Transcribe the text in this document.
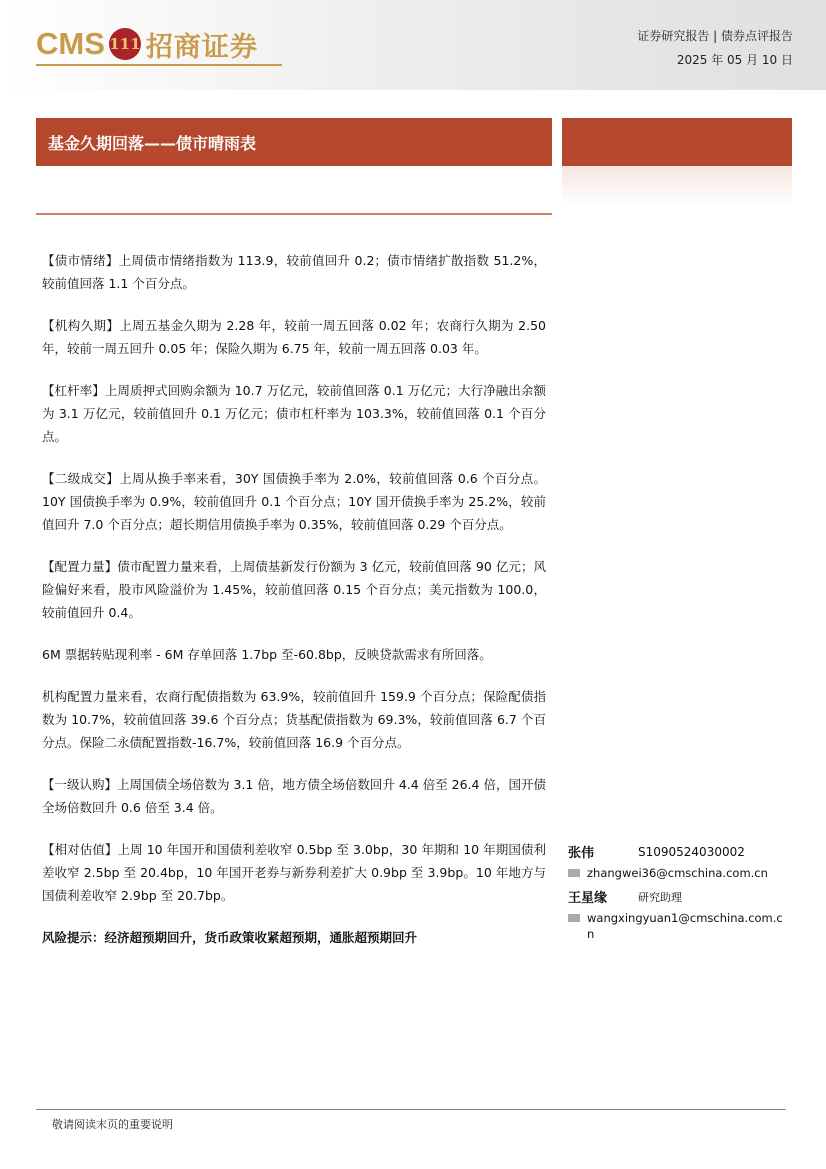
CMS 111 招商证券	证券研究报告 | 债券点评报告
2025 年 05 月 10 日
基金久期回落——债市晴雨表

【债市情绪】上周债市情绪指数为 113.9，较前值回升 0.2；债市情绪扩散指数 51.2%，较前值回落 1.1 个百分点。

【机构久期】上周五基金久期为 2.28 年，较前一周五回落 0.02 年；农商行久期为 2.50 年，较前一周五回升 0.05 年；保险久期为 6.75 年，较前一周五回落 0.03 年。

【杠杆率】上周质押式回购余额为 10.7 万亿元，较前值回落 0.1 万亿元；大行净融出余额为 3.1 万亿元，较前值回升 0.1 万亿元；债市杠杆率为 103.3%，较前值回落 0.1 个百分点。

【二级成交】上周从换手率来看，30Y 国债换手率为 2.0%，较前值回落 0.6 个百分点。10Y 国债换手率为 0.9%，较前值回升 0.1 个百分点；10Y 国开债换手率为 25.2%，较前值回升 7.0 个百分点；超长期信用债换手率为 0.35%，较前值回落 0.29 个百分点。

【配置力量】债市配置力量来看，上周债基新发行份额为 3 亿元，较前值回落 90 亿元；风险偏好来看，股市风险溢价为 1.45%，较前值回落 0.15 个百分点；美元指数为 100.0，较前值回升 0.4。

6M 票据转贴现利率 - 6M 存单回落 1.7bp 至-60.8bp，反映贷款需求有所回落。

机构配置力量来看，农商行配债指数为 63.9%，较前值回升 159.9 个百分点；保险配债指数为 10.7%，较前值回落 39.6 个百分点；货基配债指数为 69.3%，较前值回落 6.7 个百分点。保险二永债配置指数-16.7%，较前值回落 16.9 个百分点。

【一级认购】上周国债全场倍数为 3.1 倍，地方债全场倍数回升 4.4 倍至 26.4 倍，国开债全场倍数回升 0.6 倍至 3.4 倍。

【相对估值】上周 10 年国开和国债利差收窄 0.5bp 至 3.0bp，30 年期和 10 年期国债利差收窄 2.5bp 至 20.4bp，10 年国开老券与新券利差扩大 0.9bp 至 3.9bp。10 年地方与国债利差收窄 2.9bp 至 20.7bp。

风险提示：经济超预期回升，货币政策收紧超预期，通胀超预期回升

张伟	S1090524030002
zhangwei36@cmschina.com.cn
王星缘	研究助理
wangxingyuan1@cmschina.com.cn
敬请阅读末页的重要说明
